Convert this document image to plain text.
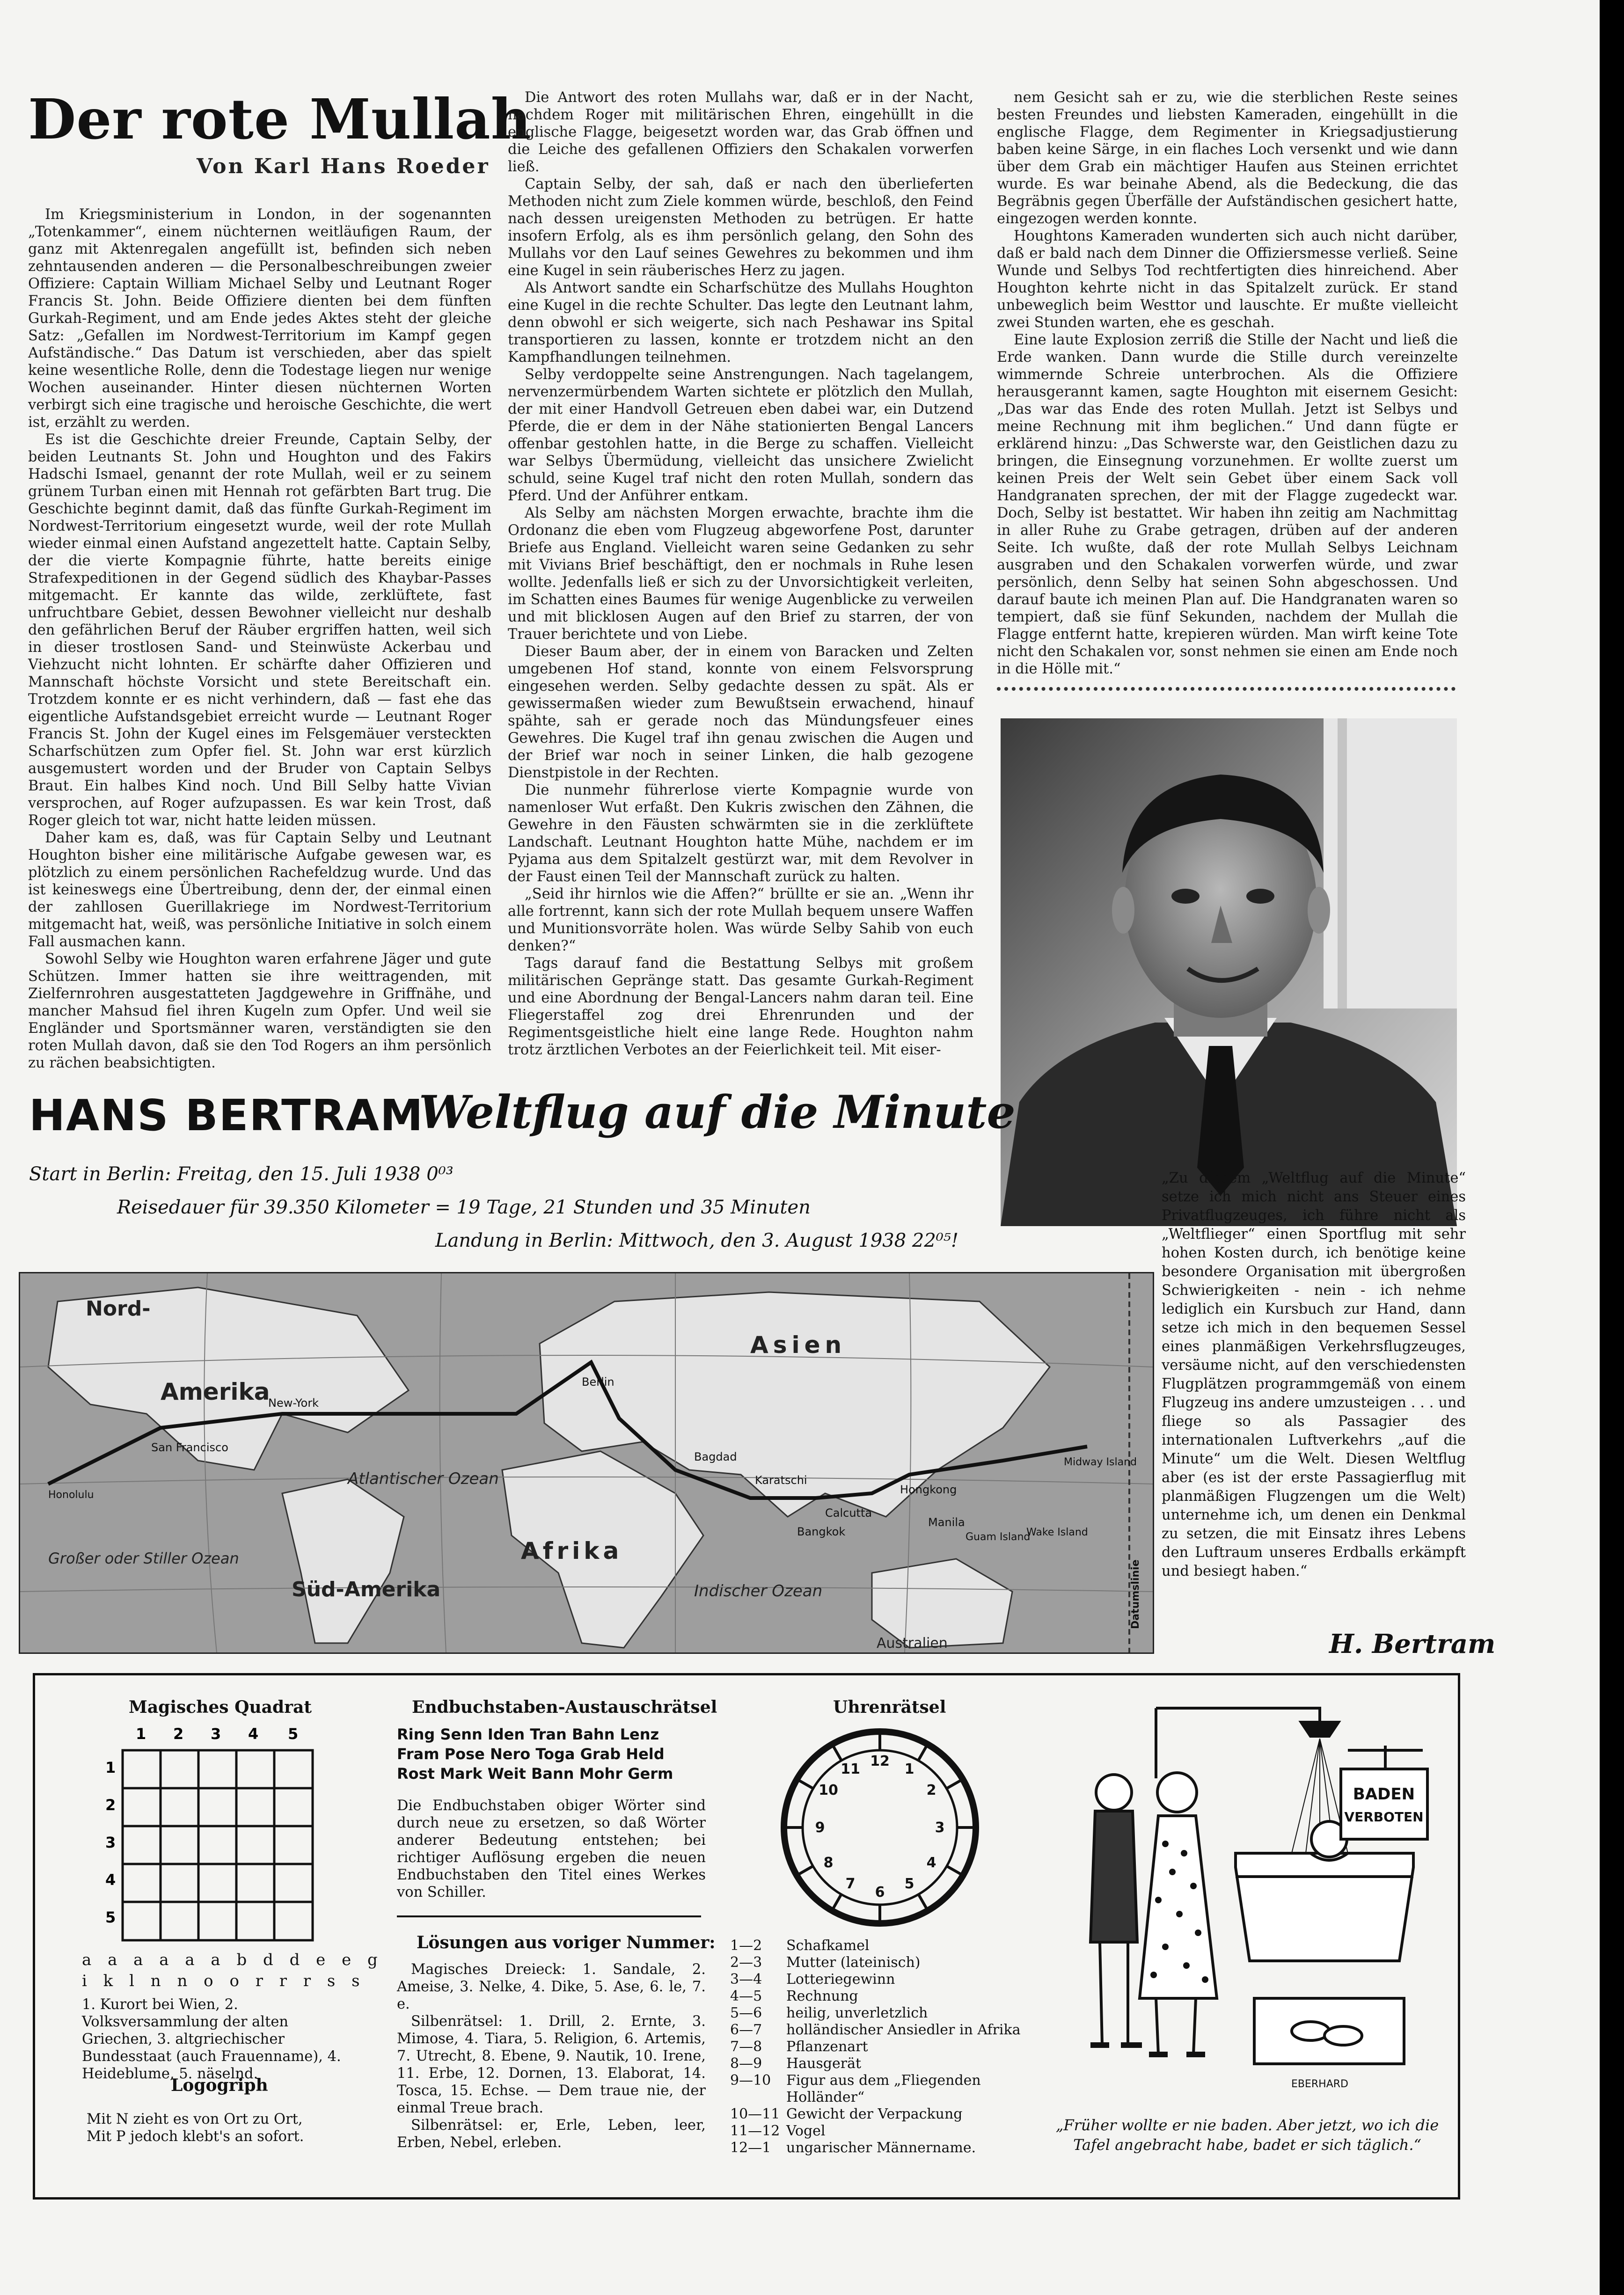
Der rote Mullah
Von Karl Hans Roeder

Im Kriegsministerium in London, in der sogenannten „Totenkammer“, einem nüchternen weitläufigen Raum, der ganz mit Aktenregalen angefüllt ist, befinden sich neben zehntausenden anderen — die Personalbeschreibungen zweier Offiziere: Captain William Michael Selby und Leutnant Roger Francis St. John. Beide Offiziere dienten bei dem fünften Gurkah-Regiment, und am Ende jedes Aktes steht der gleiche Satz: „Gefallen im Nordwest-Territorium im Kampf gegen Aufständische.“ Das Datum ist verschieden, aber das spielt keine wesentliche Rolle, denn die Todestage liegen nur wenige Wochen auseinander. Hinter diesen nüchternen Worten verbirgt sich eine tragische und heroische Geschichte, die wert ist, erzählt zu werden.

Es ist die Geschichte dreier Freunde, Captain Selby, der beiden Leutnants St. John und Houghton und des Fakirs Hadschi Ismael, genannt der rote Mullah, weil er zu seinem grünem Turban einen mit Hennah rot gefärbten Bart trug. Die Geschichte beginnt damit, daß das fünfte Gurkah-Regiment im Nordwest-Territorium eingesetzt wurde, weil der rote Mullah wieder einmal einen Aufstand angezettelt hatte. Captain Selby, der die vierte Kompagnie führte, hatte bereits einige Strafexpeditionen in der Gegend südlich des Khaybar-Passes mitgemacht. Er kannte das wilde, zerklüftete, fast unfruchtbare Gebiet, dessen Bewohner vielleicht nur deshalb den gefährlichen Beruf der Räuber ergriffen hatten, weil sich in dieser trostlosen Sand- und Steinwüste Ackerbau und Viehzucht nicht lohnten. Er schärfte daher Offizieren und Mannschaft höchste Vorsicht und stete Bereitschaft ein. Trotzdem konnte er es nicht verhindern, daß — fast ehe das eigentliche Aufstandsgebiet erreicht wurde — Leutnant Roger Francis St. John der Kugel eines im Felsgemäuer versteckten Scharfschützen zum Opfer fiel. St. John war erst kürzlich ausgemustert worden und der Bruder von Captain Selbys Braut. Ein halbes Kind noch. Und Bill Selby hatte Vivian versprochen, auf Roger aufzupassen. Es war kein Trost, daß Roger gleich tot war, nicht hatte leiden müssen.

Daher kam es, daß, was für Captain Selby und Leutnant Houghton bisher eine militärische Aufgabe gewesen war, es plötzlich zu einem persönlichen Rachefeldzug wurde. Und das ist keineswegs eine Übertreibung, denn der, der einmal einen der zahllosen Guerillakriege im Nordwest-Territorium mitgemacht hat, weiß, was persönliche Initiative in solch einem Fall ausmachen kann.

Sowohl Selby wie Houghton waren erfahrene Jäger und gute Schützen. Immer hatten sie ihre weittragenden, mit Zielfernrohren ausgestatteten Jagdgewehre in Griffnähe, und mancher Mahsud fiel ihren Kugeln zum Opfer. Und weil sie Engländer und Sportsmänner waren, verständigten sie den roten Mullah davon, daß sie den Tod Rogers an ihm persönlich zu rächen beabsichtigten.

Die Antwort des roten Mullahs war, daß er in der Nacht, nachdem Roger mit militärischen Ehren, eingehüllt in die englische Flagge, beigesetzt worden war, das Grab öffnen und die Leiche des gefallenen Offiziers den Schakalen vorwerfen ließ.

Captain Selby, der sah, daß er nach den überlieferten Methoden nicht zum Ziele kommen würde, beschloß, den Feind nach dessen ureigensten Methoden zu betrügen. Er hatte insofern Erfolg, als es ihm persönlich gelang, den Sohn des Mullahs vor den Lauf seines Gewehres zu bekommen und ihm eine Kugel in sein räuberisches Herz zu jagen.

Als Antwort sandte ein Scharfschütze des Mullahs Houghton eine Kugel in die rechte Schulter. Das legte den Leutnant lahm, denn obwohl er sich weigerte, sich nach Peshawar ins Spital transportieren zu lassen, konnte er trotzdem nicht an den Kampfhandlungen teilnehmen.

Selby verdoppelte seine Anstrengungen. Nach tagelangem, nervenzermürbendem Warten sichtete er plötzlich den Mullah, der mit einer Handvoll Getreuen eben dabei war, ein Dutzend Pferde, die er dem in der Nähe stationierten Bengal Lancers offenbar gestohlen hatte, in die Berge zu schaffen. Vielleicht war Selbys Übermüdung, vielleicht das unsichere Zwielicht schuld, seine Kugel traf nicht den roten Mullah, sondern das Pferd. Und der Anführer entkam.

Als Selby am nächsten Morgen erwachte, brachte ihm die Ordonanz die eben vom Flugzeug abgeworfene Post, darunter Briefe aus England. Vielleicht waren seine Gedanken zu sehr mit Vivians Brief beschäftigt, den er nochmals in Ruhe lesen wollte. Jedenfalls ließ er sich zu der Unvorsichtigkeit verleiten, im Schatten eines Baumes für wenige Augenblicke zu verweilen und mit blicklosen Augen auf den Brief zu starren, der von Trauer berichtete und von Liebe.

Dieser Baum aber, der in einem von Baracken und Zelten umgebenen Hof stand, konnte von einem Felsvorsprung eingesehen werden. Selby gedachte dessen zu spät. Als er gewissermaßen wieder zum Bewußtsein erwachend, hinauf spähte, sah er gerade noch das Mündungsfeuer eines Gewehres. Die Kugel traf ihn genau zwischen die Augen und der Brief war noch in seiner Linken, die halb gezogene Dienstpistole in der Rechten.

Die nunmehr führerlose vierte Kompagnie wurde von namenloser Wut erfaßt. Den Kukris zwischen den Zähnen, die Gewehre in den Fäusten schwärmten sie in die zerklüftete Landschaft. Leutnant Houghton hatte Mühe, nachdem er im Pyjama aus dem Spitalzelt gestürzt war, mit dem Revolver in der Faust einen Teil der Mannschaft zurück zu halten.

„Seid ihr hirnlos wie die Affen?“ brüllte er sie an. „Wenn ihr alle fortrennt, kann sich der rote Mullah bequem unsere Waffen und Munitionsvorräte holen. Was würde Selby Sahib von euch denken?“

Tags darauf fand die Bestattung Selbys mit großem militärischen Gepränge statt. Das gesamte Gurkah-Regiment und eine Abordnung der Bengal-Lancers nahm daran teil. Eine Fliegerstaffel zog drei Ehrenrunden und der Regimentsgeistliche hielt eine lange Rede. Houghton nahm trotz ärztlichen Verbotes an der Feierlichkeit teil. Mit eiser-

nem Gesicht sah er zu, wie die sterblichen Reste seines besten Freundes und liebsten Kameraden, eingehüllt in die englische Flagge, dem Regimenter in Kriegsadjustierung baben keine Särge, in ein flaches Loch versenkt und wie dann über dem Grab ein mächtiger Haufen aus Steinen errichtet wurde. Es war beinahe Abend, als die Bedeckung, die das Begräbnis gegen Überfälle der Aufständischen gesichert hatte, eingezogen werden konnte.

Houghtons Kameraden wunderten sich auch nicht darüber, daß er bald nach dem Dinner die Offiziersmesse verließ. Seine Wunde und Selbys Tod rechtfertigten dies hinreichend. Aber Houghton kehrte nicht in das Spitalzelt zurück. Er stand unbeweglich beim Westtor und lauschte. Er mußte vielleicht zwei Stunden warten, ehe es geschah.

Eine laute Explosion zerriß die Stille der Nacht und ließ die Erde wanken. Dann wurde die Stille durch vereinzelte wimmernde Schreie unterbrochen. Als die Offiziere herausgerannt kamen, sagte Houghton mit eisernem Gesicht: „Das war das Ende des roten Mullah. Jetzt ist Selbys und meine Rechnung mit ihm beglichen.“ Und dann fügte er erklärend hinzu: „Das Schwerste war, den Geistlichen dazu zu bringen, die Einsegnung vorzunehmen. Er wollte zuerst um keinen Preis der Welt sein Gebet über einem Sack voll Handgranaten sprechen, der mit der Flagge zugedeckt war. Doch, Selby ist bestattet. Wir haben ihn zeitig am Nachmittag in aller Ruhe zu Grabe getragen, drüben auf der anderen Seite. Ich wußte, daß der rote Mullah Selbys Leichnam ausgraben und den Schakalen vorwerfen würde, und zwar persönlich, denn Selby hat seinen Sohn abgeschossen. Und darauf baute ich meinen Plan auf. Die Handgranaten waren so tempiert, daß sie fünf Sekunden, nachdem der Mullah die Flagge entfernt hatte, krepieren würden. Man wirft keine Tote nicht den Schakalen vor, sonst nehmen sie einen am Ende noch in die Hölle mit.“

HANS BERTRAM
Weltflug auf die Minute
Start in Berlin: Freitag, den 15. Juli 1938 0⁰³
Reisedauer für 39.350 Kilometer = 19 Tage, 21 Stunden und 35 Minuten
Landung in Berlin: Mittwoch, den 3. August 1938 22⁰⁵!
Nord-
Amerika
Asien
Afrika
Atlantischer Ozean
Indischer Ozean
Süd-Amerika
Großer oder Stiller Ozean
Australien
Berlin
New-York
San Francisco
Bagdad
Calcutta
Hongkong
Manila
Bangkok
Karatschi
Guam Island
Wake Island
Midway Island
Honolulu
Datumslinie

„Zu diesem „Weltflug auf die Minute“ setze ich mich nicht ans Steuer eines Privatflugzeuges, ich führe nicht als „Weltflieger“ einen Sportflug mit sehr hohen Kosten durch, ich benötige keine besondere Organisation mit übergroßen Schwierigkeiten - nein - ich nehme lediglich ein Kursbuch zur Hand, dann setze ich mich in den bequemen Sessel eines planmäßigen Verkehrsflugzeuges, versäume nicht, auf den verschiedensten Flugplätzen programmgemäß von einem Flugzeug ins andere umzusteigen . . . und fliege so als Passagier des internationalen Luftverkehrs „auf die Minute“ um die Welt. Diesen Weltflug aber (es ist der erste Passagierflug mit planmäßigen Flugzengen um die Welt) unternehme ich, um denen ein Denkmal zu setzen, die mit Einsatz ihres Lebens den Luftraum unseres Erdballs erkämpft und besiegt haben.“

H. Bertram
Magisches Quadrat
1 2 3 4 5
1
2
3
4
5
a a a a a a b d d e e g
i k l n n o o r r r s s

1. Kurort bei Wien, 2. Volksversammlung der alten Griechen, 3. altgriechischer Bundesstaat (auch Frauenname), 4. Heideblume, 5. näselnd.

Logogriph

Mit N zieht es von Ort zu Ort,

Mit P jedoch klebt's an sofort.

Endbuchstaben-Austauschrätsel

Ring Senn Iden Tran Bahn Lenz

Fram Pose Nero Toga Grab Held

Rost Mark Weit Bann Mohr Germ

Die Endbuchstaben obiger Wörter sind durch neue zu ersetzen, so daß Wörter anderer Bedeutung entstehen; bei richtiger Auflösung ergeben die neuen Endbuchstaben den Titel eines Werkes von Schiller.

Lösungen aus voriger Nummer:

Magisches Dreieck: 1. Sandale, 2. Ameise, 3. Nelke, 4. Dike, 5. Ase, 6. le, 7. e.

Silbenrätsel: 1. Drill, 2. Ernte, 3. Mimose, 4. Tiara, 5. Religion, 6. Artemis, 7. Utrecht, 8. Ebene, 9. Nautik, 10. Irene, 11. Erbe, 12. Dornen, 13. Elaborat, 14. Tosca, 15. Echse. — Dem traue nie, der einmal Treue brach.

Silbenrätsel: er, Erle, Leben, leer, Erben, Nebel, erleben.

Uhrenrätsel
12 1
2
3
4
5
6
7
8
9
10
11
1—2	Schafkamel
2—3	Mutter (lateinisch)
3—4	Lotteriegewinn
4—5	Rechnung
5—6	heilig, unverletzlich
6—7	holländischer Ansiedler in Afrika
7—8	Pflanzenart
8—9	Hausgerät
9—10	Figur aus dem „Fliegenden Holländer“
10—11 Gewicht der Verpackung
11—12 Vogel
12—1	ungarischer Männername.
BADEN
VERBOTEN
EBERHARD
„Früher wollte er nie baden. Aber jetzt, wo ich die Tafel angebracht habe, badet er sich täglich.“
